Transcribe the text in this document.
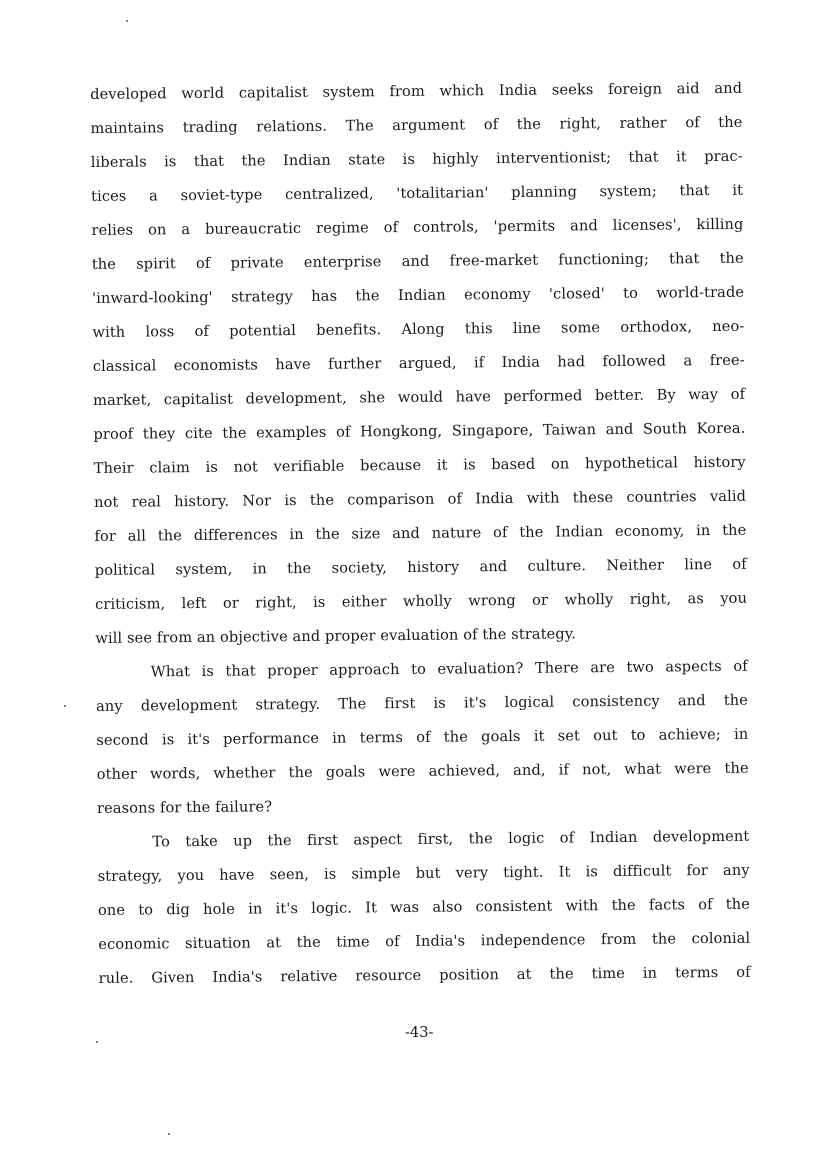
developed world capitalist system from which India seeks foreign aid and
maintains trading relations. The argument of the right, rather of the
liberals is that the Indian state is highly interventionist; that it prac-
tices a soviet-type centralized, 'totalitarian' planning system; that it
relies on a bureaucratic regime of controls, 'permits and licenses', killing
the spirit of private enterprise and free-market functioning; that the
'inward-looking' strategy has the Indian economy 'closed' to world-trade
with loss of potential benefits. Along this line some orthodox, neo-
classical economists have further argued, if India had followed a free-
market, capitalist development, she would have performed better. By way of
proof they cite the examples of Hongkong, Singapore, Taiwan and South Korea.
Their claim is not verifiable because it is based on hypothetical history
not real history. Nor is the comparison of India with these countries valid
for all the differences in the size and nature of the Indian economy, in the
political system, in the society, history and culture. Neither line of
criticism, left or right, is either wholly wrong or wholly right, as you
will see from an objective and proper evaluation of the strategy.
What is that proper approach to evaluation? There are two aspects of
any development strategy. The first is it's logical consistency and the
second is it's performance in terms of the goals it set out to achieve; in
other words, whether the goals were achieved, and, if not, what were the
reasons for the failure?
To take up the first aspect first, the logic of Indian development
strategy, you have seen, is simple but very tight. It is difficult for any
one to dig hole in it's logic. It was also consistent with the facts of the
economic situation at the time of India's independence from the colonial
rule. Given India's relative resource position at the time in terms of
-43-
